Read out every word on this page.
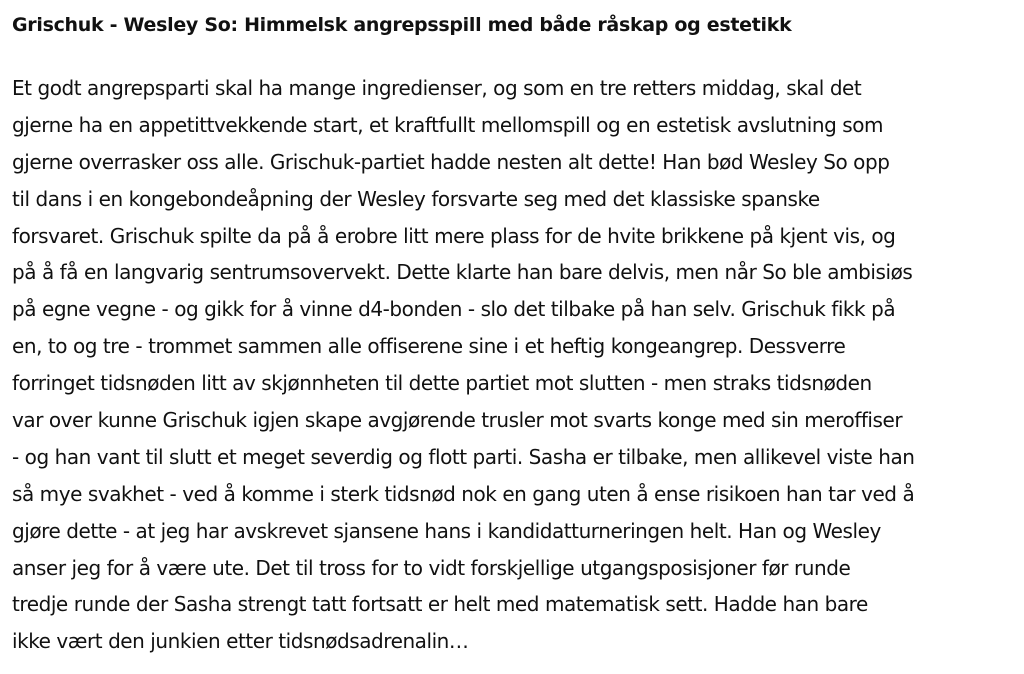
Grischuk - Wesley So: Himmelsk angrepsspill med både råskap og estetikk
Et godt angrepsparti skal ha mange ingredienser, og som en tre retters middag, skal det
gjerne ha en appetittvekkende start, et kraftfullt mellomspill og en estetisk avslutning som
gjerne overrasker oss alle. Grischuk-partiet hadde nesten alt dette! Han bød Wesley So opp
til dans i en kongebondeåpning der Wesley forsvarte seg med det klassiske spanske
forsvaret. Grischuk spilte da på å erobre litt mere plass for de hvite brikkene på kjent vis, og
på å få en langvarig sentrumsovervekt. Dette klarte han bare delvis, men når So ble ambisiøs
på egne vegne - og gikk for å vinne d4-bonden - slo det tilbake på han selv. Grischuk fikk på
en, to og tre - trommet sammen alle offiserene sine i et heftig kongeangrep. Dessverre
forringet tidsnøden litt av skjønnheten til dette partiet mot slutten - men straks tidsnøden
var over kunne Grischuk igjen skape avgjørende trusler mot svarts konge med sin meroffiser
- og han vant til slutt et meget severdig og flott parti. Sasha er tilbake, men allikevel viste han
så mye svakhet - ved å komme i sterk tidsnød nok en gang uten å ense risikoen han tar ved å
gjøre dette - at jeg har avskrevet sjansene hans i kandidatturneringen helt. Han og Wesley
anser jeg for å være ute. Det til tross for to vidt forskjellige utgangsposisjoner før runde
tredje runde der Sasha strengt tatt fortsatt er helt med matematisk sett. Hadde han bare
ikke vært den junkien etter tidsnødsadrenalin…
